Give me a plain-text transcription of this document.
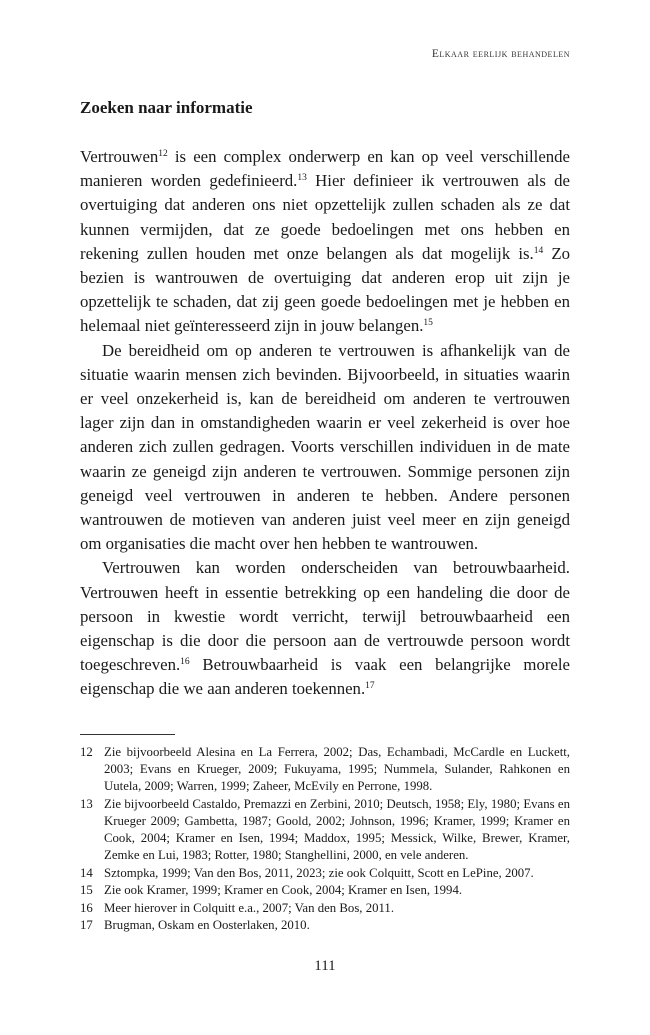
Elkaar eerlijk behandelen
Zoeken naar informatie

Vertrouwen$^{12}$ is een complex onderwerp en kan op veel verschillende manieren worden gedefinieerd.$^{13}$ Hier definieer ik vertrouwen als de overtuiging dat anderen ons niet opzettelijk zullen schaden als ze dat kunnen vermijden, dat ze goede bedoelingen met ons hebben en rekening zullen houden met onze belangen als dat mogelijk is.$^{14}$ Zo bezien is wantrouwen de overtuiging dat anderen erop uit zijn je opzettelijk te schaden, dat zij geen goede bedoelingen met je hebben en helemaal niet geïnteresseerd zijn in jouw belangen.$^{15}$

De bereidheid om op anderen te vertrouwen is afhankelijk van de situatie waarin mensen zich bevinden. Bijvoorbeeld, in situaties waarin er veel onzekerheid is, kan de bereidheid om anderen te vertrouwen lager zijn dan in omstandigheden waarin er veel zekerheid is over hoe anderen zich zullen gedragen. Voorts verschillen individuen in de mate waarin ze geneigd zijn anderen te vertrouwen. Sommige personen zijn geneigd veel vertrouwen in anderen te hebben. Andere personen wantrouwen de motieven van anderen juist veel meer en zijn geneigd om organisaties die macht over hen hebben te wantrouwen.

Vertrouwen kan worden onderscheiden van betrouwbaarheid. Vertrouwen heeft in essentie betrekking op een handeling die door de persoon in kwestie wordt verricht, terwijl betrouwbaarheid een eigenschap is die door die persoon aan de vertrouwde persoon wordt toegeschreven.$^{16}$ Betrouwbaarheid is vaak een belangrijke morele eigenschap die we aan anderen toekennen.$^{17}$

12 Zie bijvoorbeeld Alesina en La Ferrera, 2002; Das, Echambadi, McCardle en Luckett, 2003; Evans en Krueger, 2009; Fukuyama, 1995; Nummela, Sulander, Rahkonen en Uutela, 2009; Warren, 1999; Zaheer, McEvily en Perrone, 1998.
13 Zie bijvoorbeeld Castaldo, Premazzi en Zerbini, 2010; Deutsch, 1958; Ely, 1980; Evans en Krueger 2009; Gambetta, 1987; Goold, 2002; Johnson, 1996; Kramer, 1999; Kramer en Cook, 2004; Kramer en Isen, 1994; Maddox, 1995; Messick, Wilke, Brewer, Kramer, Zemke en Lui, 1983; Rotter, 1980; Stanghellini, 2000, en vele anderen.
14 Sztompka, 1999; Van den Bos, 2011, 2023; zie ook Colquitt, Scott en LePine, 2007.
15 Zie ook Kramer, 1999; Kramer en Cook, 2004; Kramer en Isen, 1994.
16 Meer hierover in Colquitt e.a., 2007; Van den Bos, 2011.
17 Brugman, Oskam en Oosterlaken, 2010.
111
